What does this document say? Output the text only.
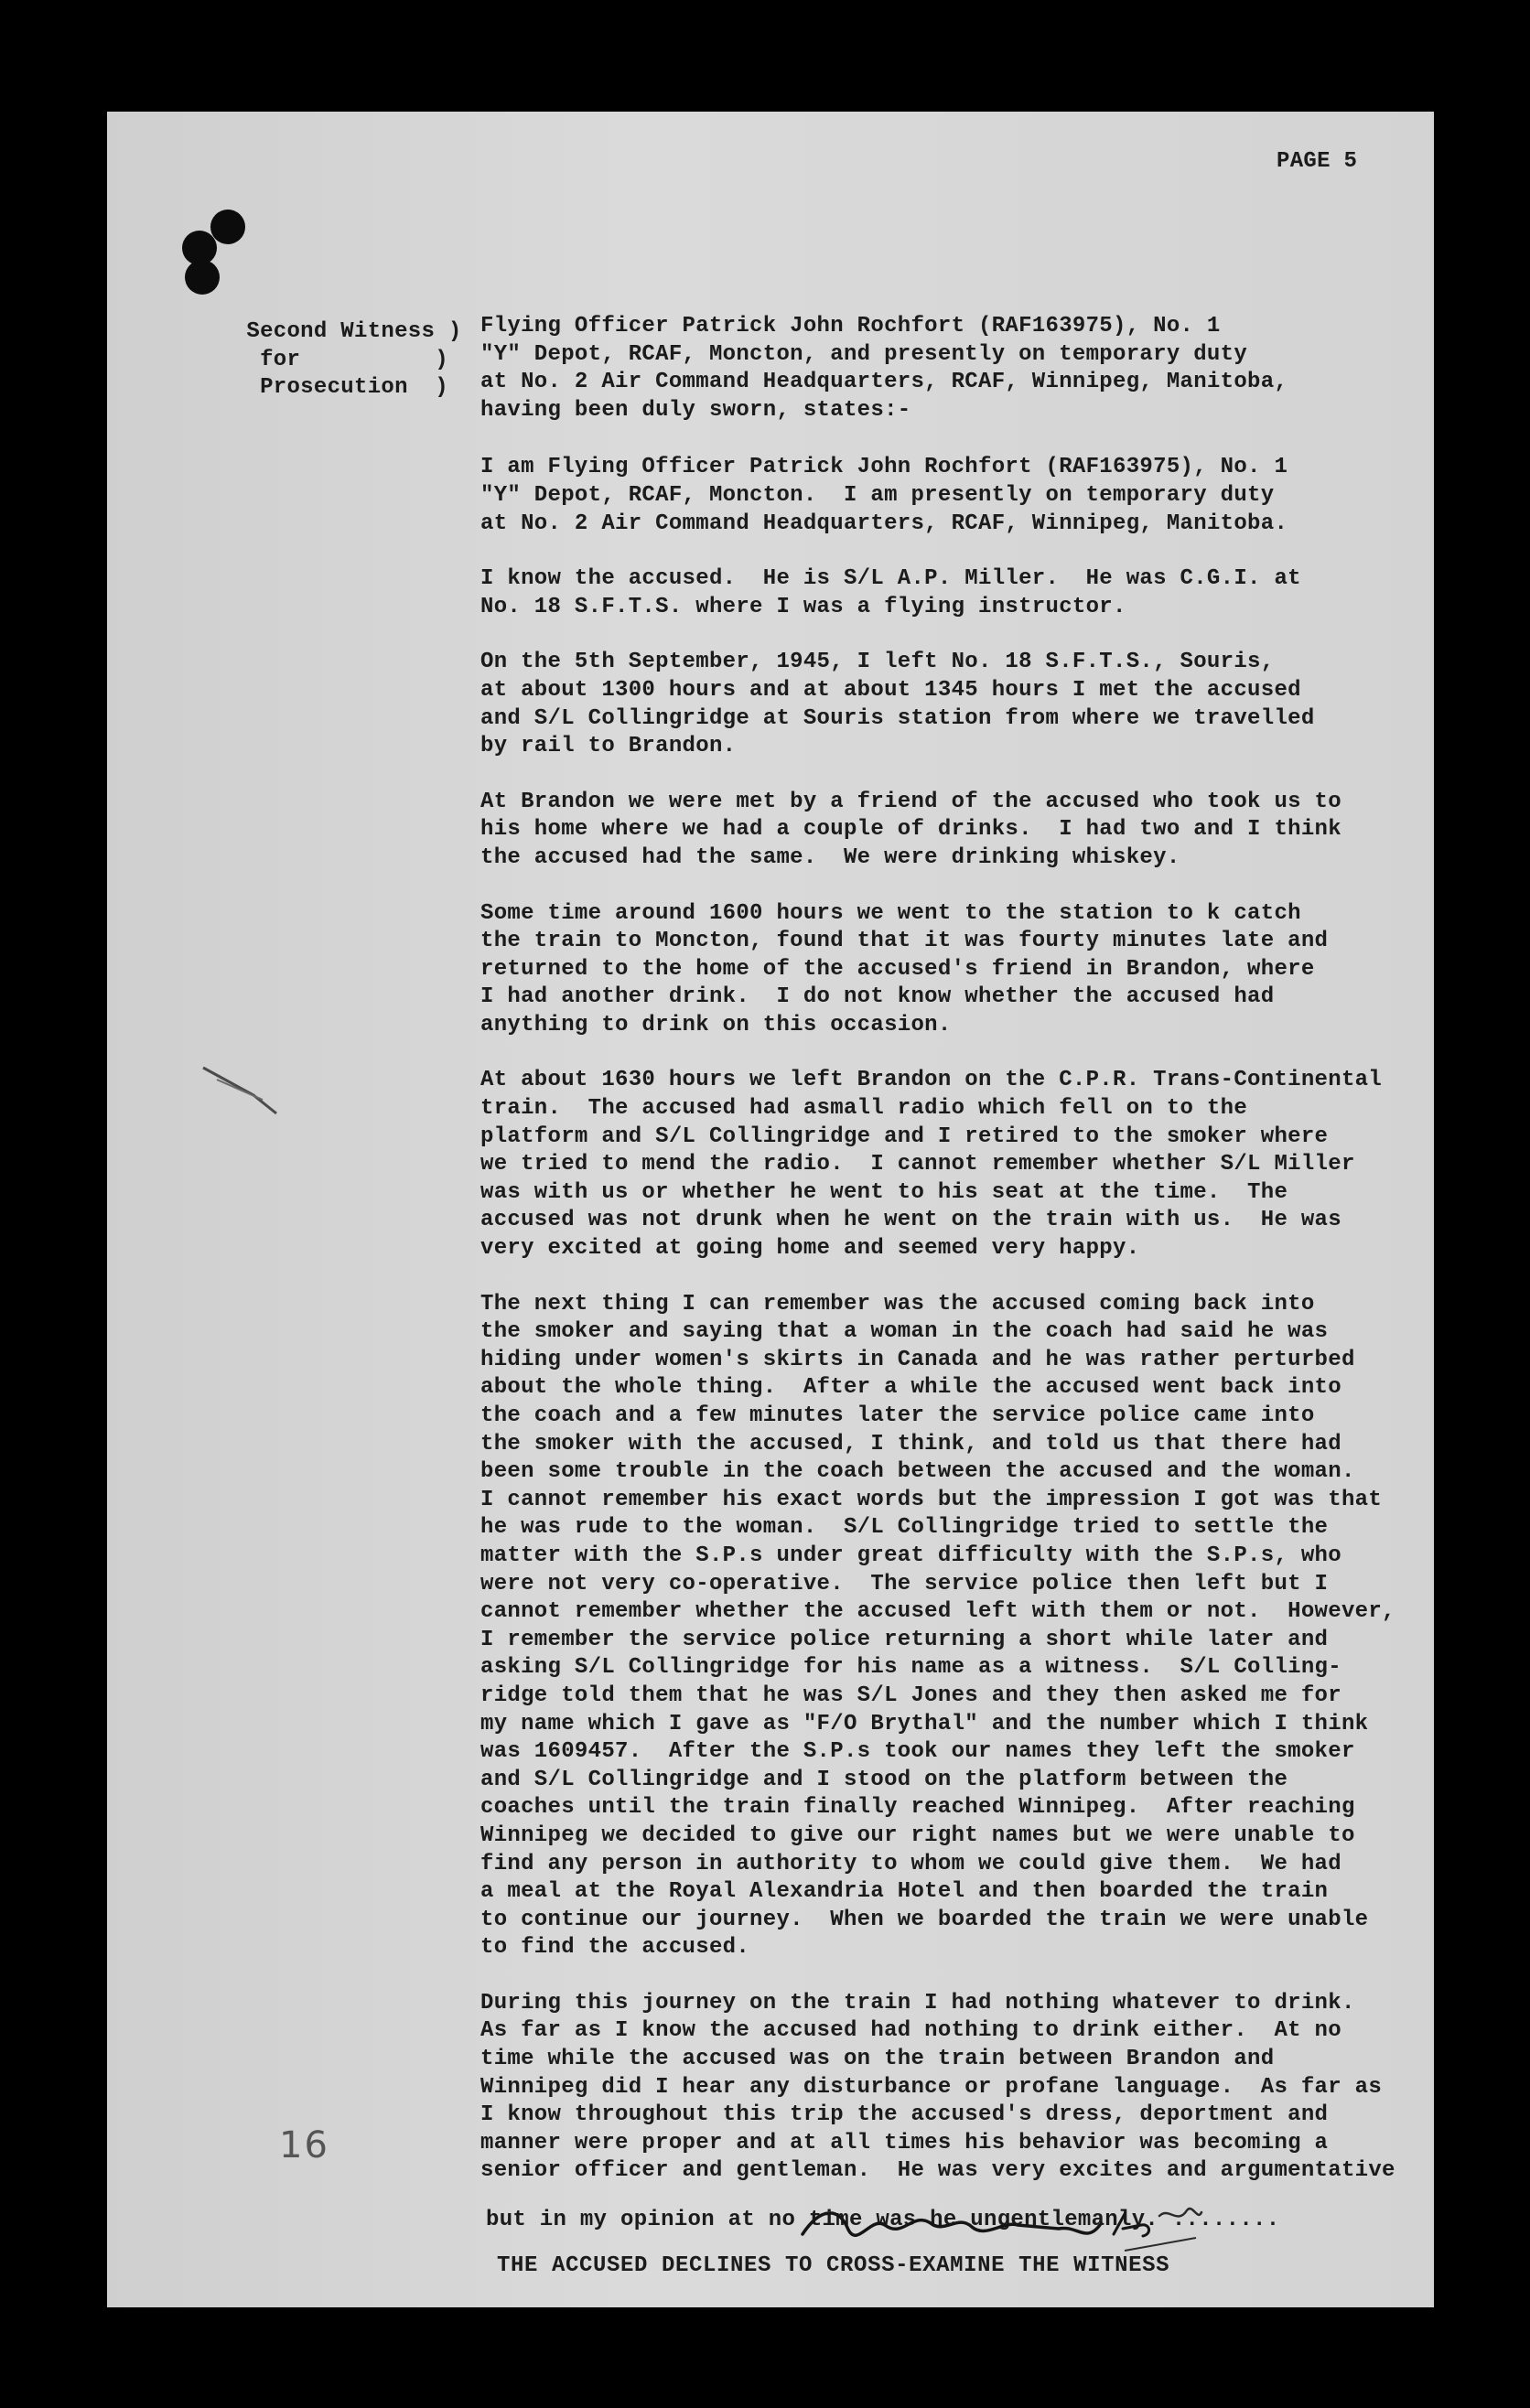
PAGE 5
Second Witness )
for          )
Prosecution  )

Flying Officer Patrick John Rochfort (RAF163975), No. 1
"Y" Depot, RCAF, Moncton, and presently on temporary duty
at No. 2 Air Command Headquarters, RCAF, Winnipeg, Manitoba,
having been duly sworn, states:-

I am Flying Officer Patrick John Rochfort (RAF163975), No. 1
"Y" Depot, RCAF, Moncton.  I am presently on temporary duty
at No. 2 Air Command Headquarters, RCAF, Winnipeg, Manitoba.

I know the accused.  He is S/L A.P. Miller.  He was C.G.I. at
No. 18 S.F.T.S. where I was a flying instructor.

On the 5th September, 1945, I left No. 18 S.F.T.S., Souris,
at about 1300 hours and at about 1345 hours I met the accused
and S/L Collingridge at Souris station from where we travelled
by rail to Brandon.

At Brandon we were met by a friend of the accused who took us to
his home where we had a couple of drinks.  I had two and I think
the accused had the same.  We were drinking whiskey.

Some time around 1600 hours we went to the station to k catch
the train to Moncton, found that it was fourty minutes late and
returned to the home of the accused's friend in Brandon, where
I had another drink.  I do not know whether the accused had
anything to drink on this occasion.

At about 1630 hours we left Brandon on the C.P.R. Trans-Continental
train.  The accused had asmall radio which fell on to the
platform and S/L Collingridge and I retired to the smoker where
we tried to mend the radio.  I cannot remember whether S/L Miller
was with us or whether he went to his seat at the time.  The
accused was not drunk when he went on the train with us.  He was
very excited at going home and seemed very happy.

The next thing I can remember was the accused coming back into
the smoker and saying that a woman in the coach had said he was
hiding under women's skirts in Canada and he was rather perturbed
about the whole thing.  After a while the accused went back into
the coach and a few minutes later the service police came into
the smoker with the accused, I think, and told us that there had
been some trouble in the coach between the accused and the woman.
I cannot remember his exact words but the impression I got was that
he was rude to the woman.  S/L Collingridge tried to settle the
matter with the S.P.s under great difficulty with the S.P.s, who
were not very co-operative.  The service police then left but I
cannot remember whether the accused left with them or not.  However,
I remember the service police returning a short while later and
asking S/L Collingridge for his name as a witness.  S/L Colling-
ridge told them that he was S/L Jones and they then asked me for
my name which I gave as "F/O Brythal" and the number which I think
was 1609457.  After the S.P.s took our names they left the smoker
and S/L Collingridge and I stood on the platform between the
coaches until the train finally reached Winnipeg.  After reaching
Winnipeg we decided to give our right names but we were unable to
find any person in authority to whom we could give them.  We had
a meal at the Royal Alexandria Hotel and then boarded the train
to continue our journey.  When we boarded the train we were unable
to find the accused.

During this journey on the train I had nothing whatever to drink.
As far as I know the accused had nothing to drink either.  At no
time while the accused was on the train between Brandon and
Winnipeg did I hear any disturbance or profane language.  As far as
I know throughout this trip the accused's dress, deportment and
manner were proper and at all times his behavior was becoming a
senior officer and gentleman.  He was very excites and argumentative

but in my opinion at no time was he ungentlemanly. ........
THE ACCUSED DECLINES TO CROSS-EXAMINE THE WITNESS
16
